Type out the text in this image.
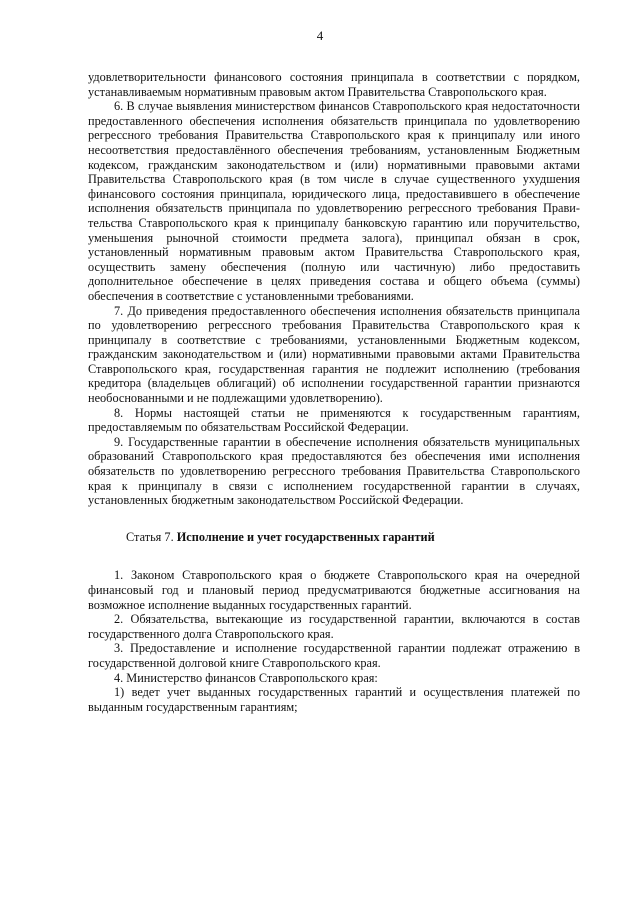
4

удовлетворительности финансового состояния принципала в соответствии с порядком, устанавливаемым нормативным правовым актом Правительства Ставропольского края.

6. В случае выявления министерством финансов Ставропольского края недостаточности предоставленного обеспечения исполнения обязательств принципала по удовлетворению регрессного требования Правительства Ставропольского края к принципалу или иного несоответствия предоставлённого обеспечения требованиям, установленным Бюджетным кодексом, гражданским законодательством и (или) нормативными правовыми актами Правительства Ставропольского края (в том числе в случае существенного ухудшения финансового состояния принципала, юридического лица, предоставившего в обеспечение исполнения обязательств принципала по удовлетворению регрессного требования Правительства Ставропольского края к принципалу банковскую гарантию или поручительство, уменьшения рыночной стоимости предмета залога), принципал обязан в срок, установленный нормативным правовым актом Правительства Ставропольского края, осуществить замену обеспечения (полную или частичную) либо предоставить дополнительное обеспечение в целях приведения состава и общего объема (суммы) обеспечения в соответствие с установленными требованиями.

7. До приведения предоставленного обеспечения исполнения обязательств принципала по удовлетворению регрессного требования Правительства Ставропольского края к принципалу в соответствие с требованиями, установленными Бюджетным кодексом, гражданским законодательством и (или) нормативными правовыми актами Правительства Ставропольского края, государственная гарантия не подлежит исполнению (требования кредитора (владельцев облигаций) об исполнении государственной гарантии признаются необоснованными и не подлежащими удовлетворению).

8. Нормы настоящей статьи не применяются к государственным гарантиям, предоставляемым по обязательствам Российской Федерации.

9. Государственные гарантии в обеспечение исполнения обязательств муниципальных образований Ставропольского края предоставляются без обеспечения ими исполнения обязательств по удовлетворению регрессного требования Правительства Ставропольского края к принципалу в связи с исполнением государственной гарантии в случаях, установленных бюджетным законодательством Российской Федерации.

Статья 7. Исполнение и учет государственных гарантий

1. Законом Ставропольского края о бюджете Ставропольского края на очередной финансовый год и плановый период предусматриваются бюджетные ассигнования на возможное исполнение выданных государственных гарантий.

2. Обязательства, вытекающие из государственной гарантии, включаются в состав государственного долга Ставропольского края.

3. Предоставление и исполнение государственной гарантии подлежат отражению в государственной долговой книге Ставропольского края.

4. Министерство финансов Ставропольского края:

1) ведет учет выданных государственных гарантий и осуществления платежей по выданным государственным гарантиям;
